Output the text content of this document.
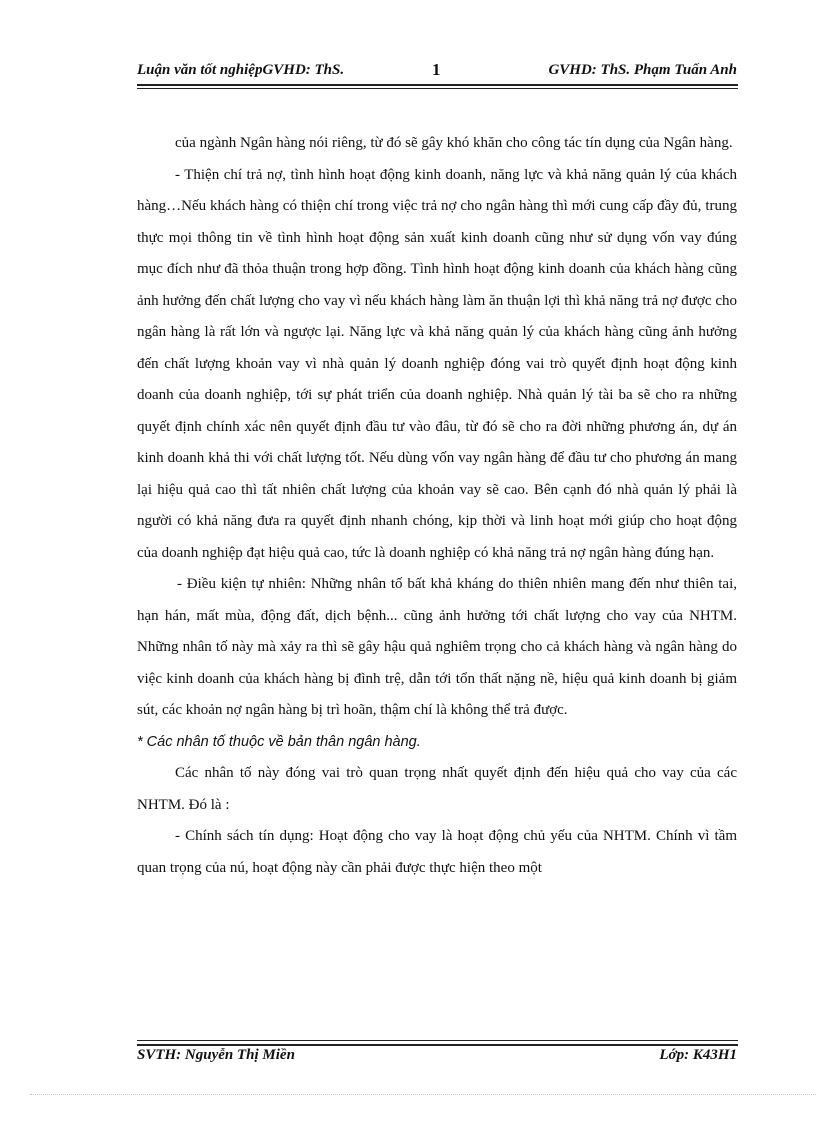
Luận văn tốt nghiệpGVHD: ThS.	1	GVHD: ThS. Phạm Tuấn Anh

của ngành Ngân hàng nói riêng, từ đó sẽ gây khó khăn cho công tác tín dụng của Ngân hàng.

- Thiện chí trả nợ, tình hình hoạt động kinh doanh, năng lực và khả năng quản lý của khách hàng…Nếu khách hàng có thiện chí trong việc trả nợ cho ngân hàng thì mới cung cấp đầy đủ, trung thực mọi thông tin về tình hình hoạt động sản xuất kinh doanh cũng như sử dụng vốn vay đúng mục đích như đã thỏa thuận trong hợp đồng. Tình hình hoạt động kinh doanh của khách hàng cũng ảnh hưởng đến chất lượng cho vay vì nếu khách hàng làm ăn thuận lợi thì khả năng trả nợ được cho ngân hàng là rất lớn và ngược lại. Năng lực và khả năng quản lý của khách hàng cũng ảnh hưởng đến chất lượng khoản vay vì nhà quản lý doanh nghiệp đóng vai trò quyết định hoạt động kinh doanh của doanh nghiệp, tới sự phát triển của doanh nghiệp. Nhà quản lý tài ba sẽ cho ra những quyết định chính xác nên quyết định đầu tư vào đâu, từ đó sẽ cho ra đời những phương án, dự án kinh doanh khả thi với chất lượng tốt. Nếu dùng vốn vay ngân hàng để đầu tư cho phương án mang lại hiệu quả cao thì tất nhiên chất lượng của khoản vay sẽ cao. Bên cạnh đó nhà quản lý phải là người có khả năng đưa ra quyết định nhanh chóng, kịp thời và linh hoạt mới giúp cho hoạt động của doanh nghiệp đạt hiệu quả cao, tức là doanh nghiệp có khả năng trả nợ ngân hàng đúng hạn.

- Điều kiện tự nhiên: Những nhân tố bất khả kháng do thiên nhiên mang đến như thiên tai, hạn hán, mất mùa, động đất, dịch bệnh... cũng ảnh hưởng tới chất lượng cho vay của NHTM. Những nhân tố này mà xảy ra thì sẽ gây hậu quả nghiêm trọng cho cả khách hàng và ngân hàng do việc kinh doanh của khách hàng bị đình trệ, dẫn tới tổn thất nặng nề, hiệu quả kinh doanh bị giảm sút, các khoản nợ ngân hàng bị trì hoãn, thậm chí là không thể trả được.

* Các nhân tố thuộc về bản thân ngân hàng.

Các nhân tố này đóng vai trò quan trọng nhất quyết định đến hiệu quả cho vay của các NHTM. Đó là :

- Chính sách tín dụng: Hoạt động cho vay là hoạt động chủ yếu của NHTM. Chính vì tầm quan trọng của nú, hoạt động này cần phải được thực hiện theo một

SVTH: Nguyễn Thị Miền	Lớp: K43H1
